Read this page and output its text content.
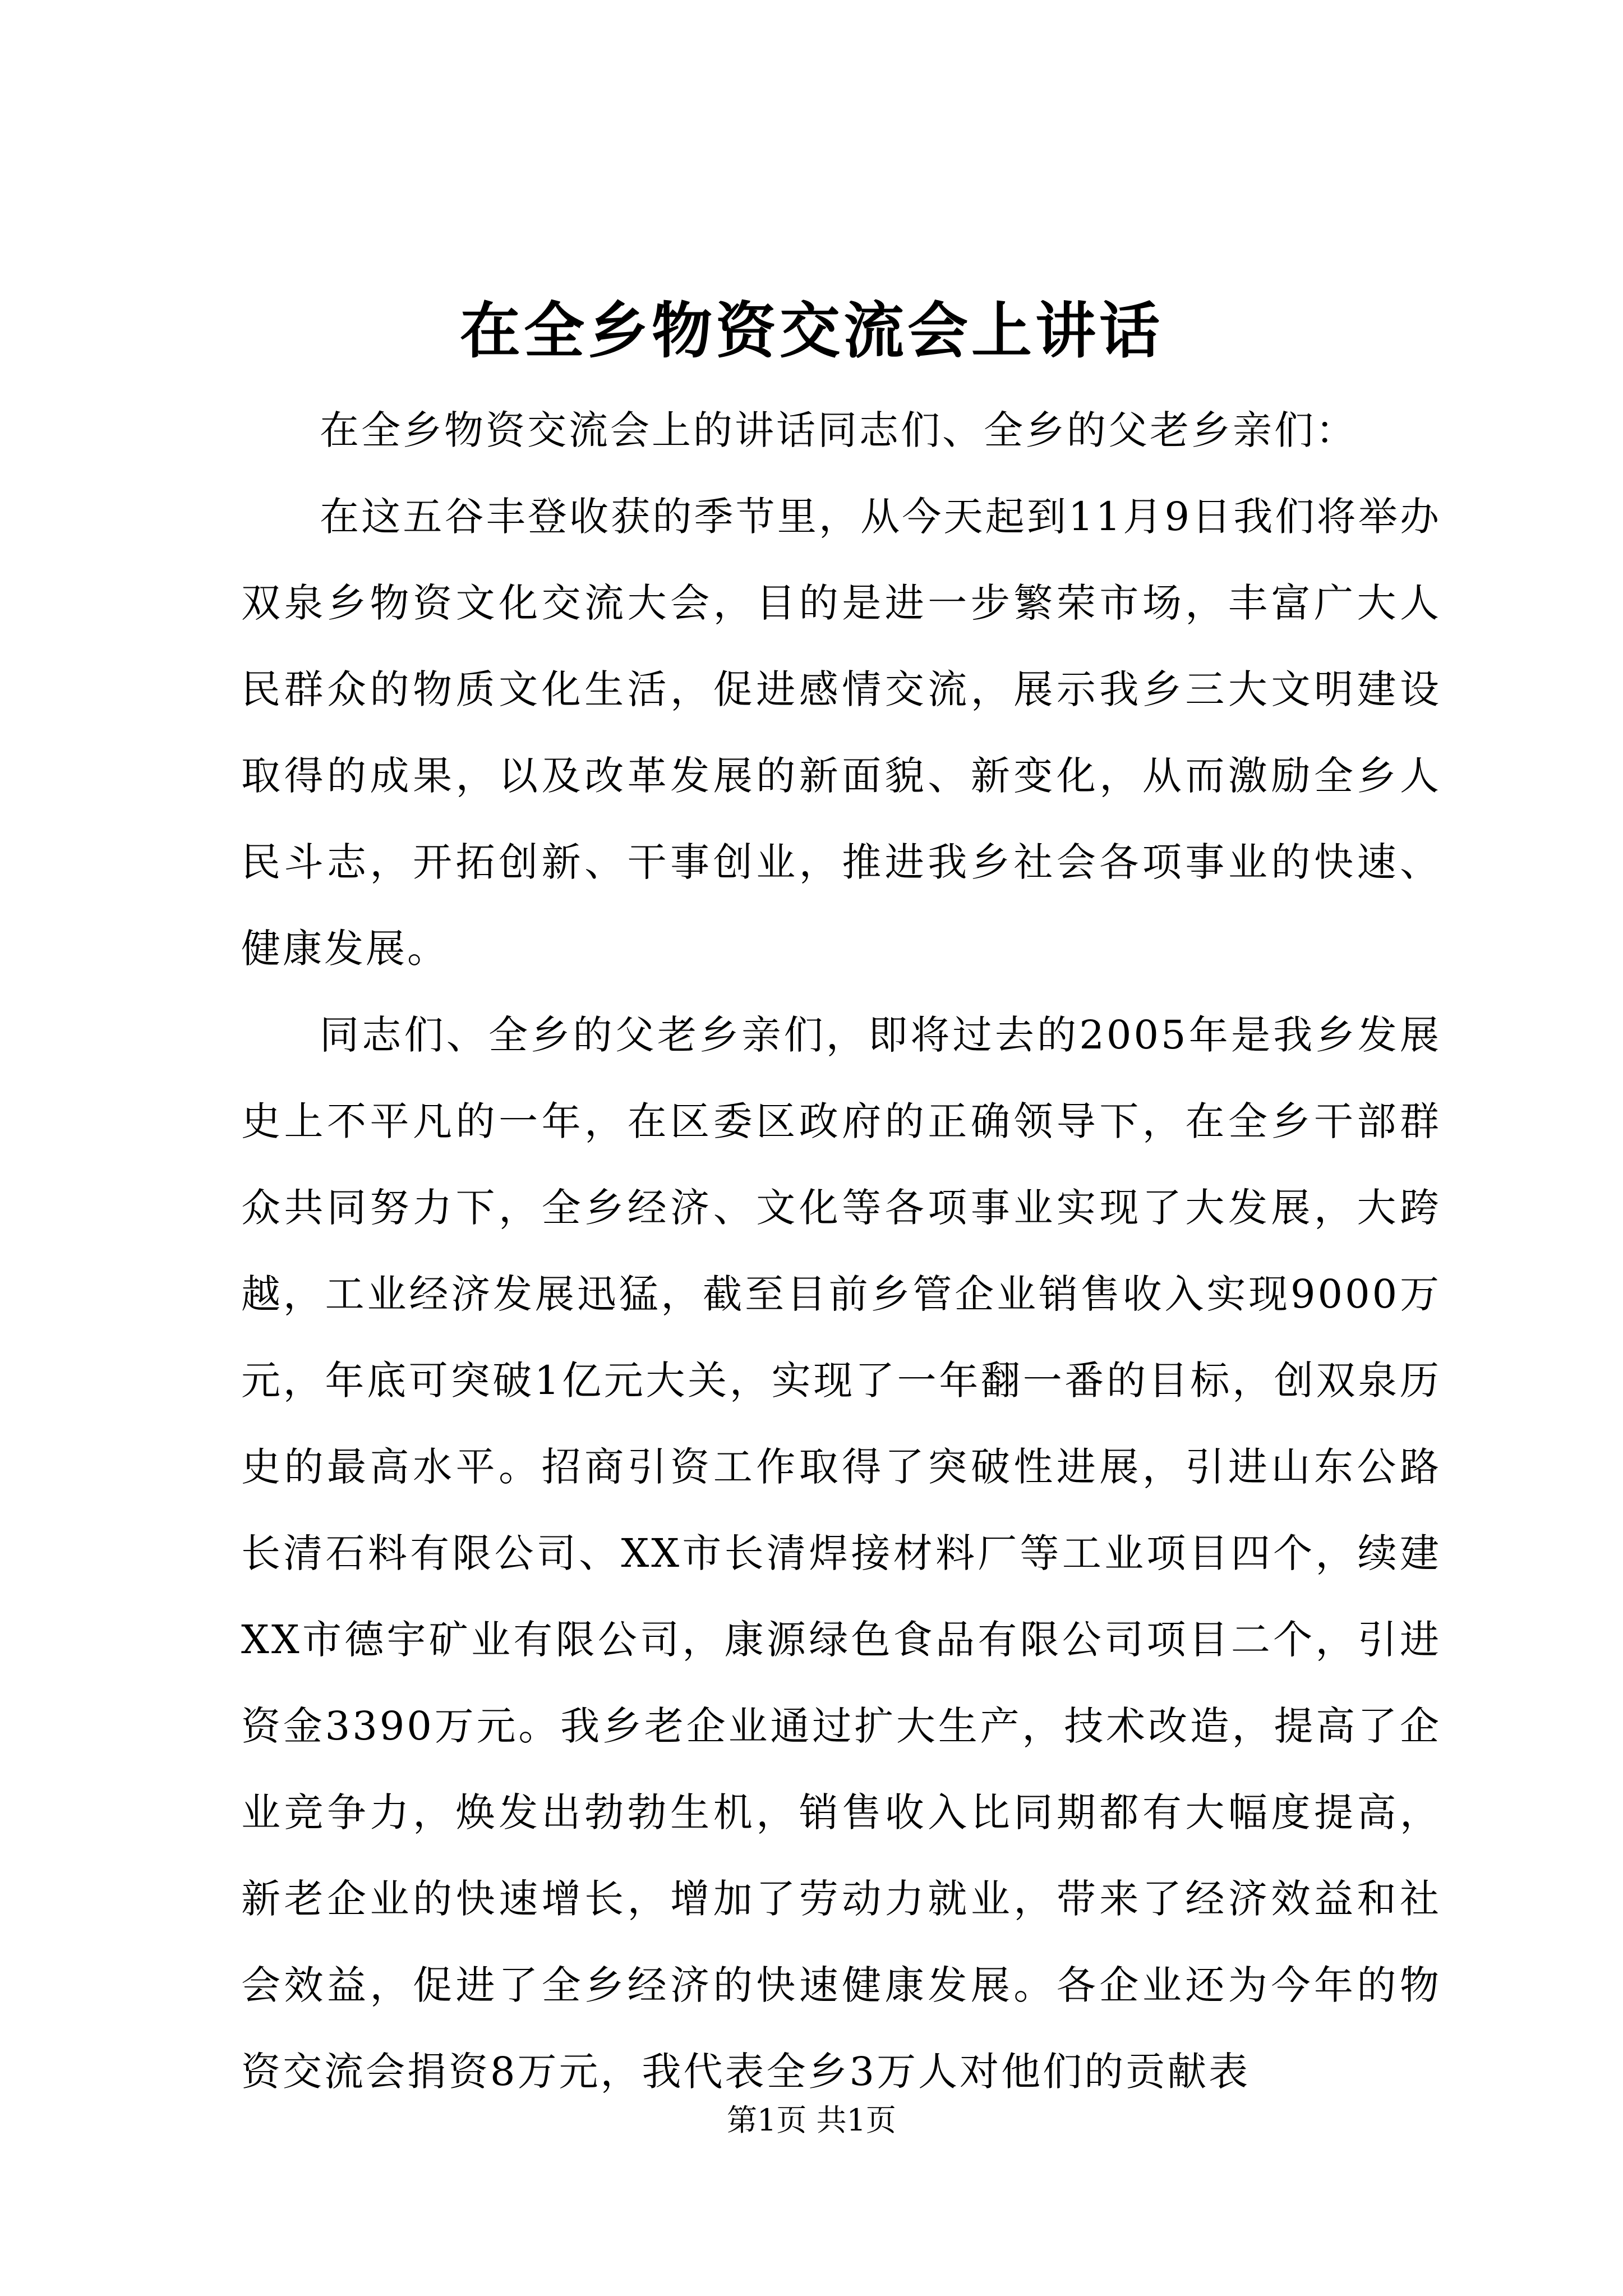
在全乡物资交流会上讲话

在全乡物资交流会上的讲话同志们、全乡的父老乡亲们：

在这五谷丰登收获的季节里，从今天起到11月9日我们将举办双泉乡物资文化交流大会，目的是进一步繁荣市场，丰富广大人民群众的物质文化生活，促进感情交流，展示我乡三大文明建设取得的成果，以及改革发展的新面貌、新变化，从而激励全乡人民斗志，开拓创新、干事创业，推进我乡社会各项事业的快速、健康发展。

同志们、全乡的父老乡亲们，即将过去的2005年是我乡发展史上不平凡的一年，在区委区政府的正确领导下，在全乡干部群众共同努力下，全乡经济、文化等各项事业实现了大发展，大跨越，工业经济发展迅猛，截至目前乡管企业销售收入实现9000万元，年底可突破1亿元大关，实现了一年翻一番的目标，创双泉历史的最高水平。招商引资工作取得了突破性进展，引进山东公路长清石料有限公司、XX市长清焊接材料厂等工业项目四个，续建XX市德宇矿业有限公司，康源绿色食品有限公司项目二个，引进资金3390万元。我乡老企业通过扩大生产，技术改造，提高了企业竞争力，焕发出勃勃生机，销售收入比同期都有大幅度提高，新老企业的快速增长，增加了劳动力就业，带来了经济效益和社会效益，促进了全乡经济的快速健康发展。各企业还为今年的物资交流会捐资8万元，我代表全乡3万人对他们的贡献表

第1页 共1页
